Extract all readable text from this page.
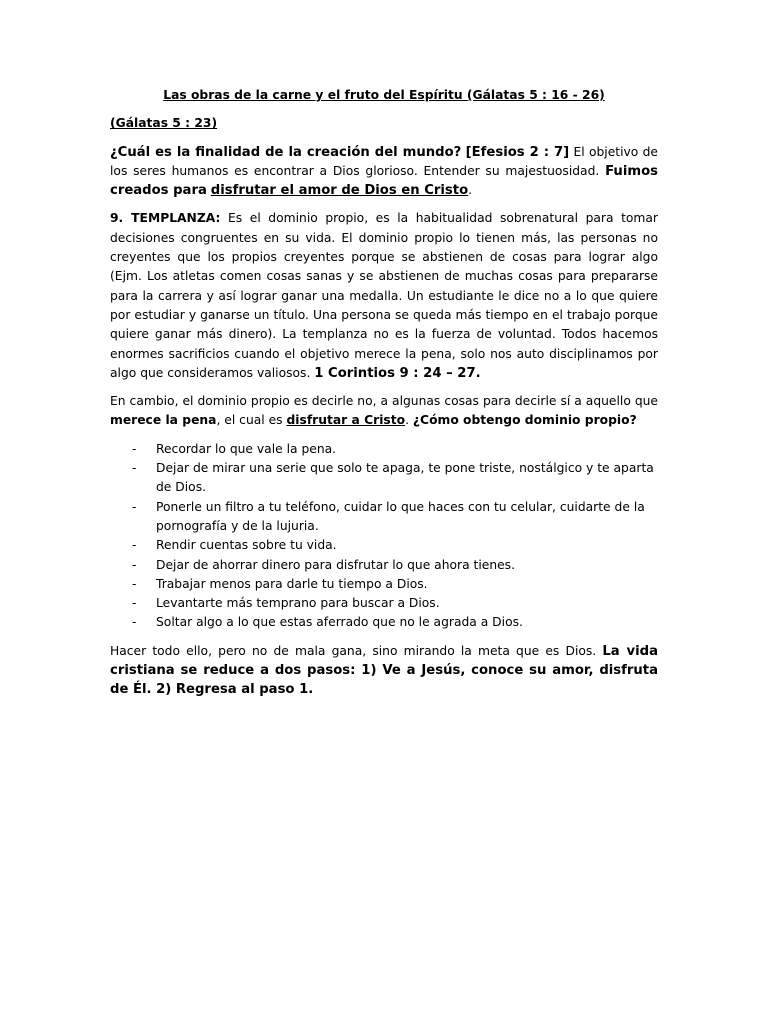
Las obras de la carne y el fruto del Espíritu (Gálatas 5 : 16 - 26)
(Gálatas 5 : 23)

¿Cuál es la finalidad de la creación del mundo? [Efesios 2 : 7] El objetivo de los seres humanos es encontrar a Dios glorioso. Entender su majestuosidad. Fuimos creados para disfrutar el amor de Dios en Cristo.

9. TEMPLANZA: Es el dominio propio, es la habitualidad sobrenatural para tomar decisiones congruentes en su vida. El dominio propio lo tienen más, las personas no creyentes que los propios creyentes porque se abstienen de cosas para lograr algo (Ejm. Los atletas comen cosas sanas y se abstienen de muchas cosas para prepararse para la carrera y así lograr ganar una medalla. Un estudiante le dice no a lo que quiere por estudiar y ganarse un título. Una persona se queda más tiempo en el trabajo porque quiere ganar más dinero). La templanza no es la fuerza de voluntad. Todos hacemos enormes sacrificios cuando el objetivo merece la pena, solo nos auto disciplinamos por algo que consideramos valiosos. 1 Corintios 9 : 24 – 27.

En cambio, el dominio propio es decirle no, a algunas cosas para decirle sí a aquello que merece la pena, el cual es disfrutar a Cristo. ¿Cómo obtengo dominio propio?

- Recordar lo que vale la pena.
- Dejar de mirar una serie que solo te apaga, te pone triste, nostálgico y te aparta de Dios.
- Ponerle un filtro a tu teléfono, cuidar lo que haces con tu celular, cuidarte de la pornografía y de la lujuria.
- Rendir cuentas sobre tu vida.
- Dejar de ahorrar dinero para disfrutar lo que ahora tienes.
- Trabajar menos para darle tu tiempo a Dios.
- Levantarte más temprano para buscar a Dios.
- Soltar algo a lo que estas aferrado que no le agrada a Dios.

Hacer todo ello, pero no de mala gana, sino mirando la meta que es Dios. La vida cristiana se reduce a dos pasos: 1) Ve a Jesús, conoce su amor, disfruta de Él. 2) Regresa al paso 1.
